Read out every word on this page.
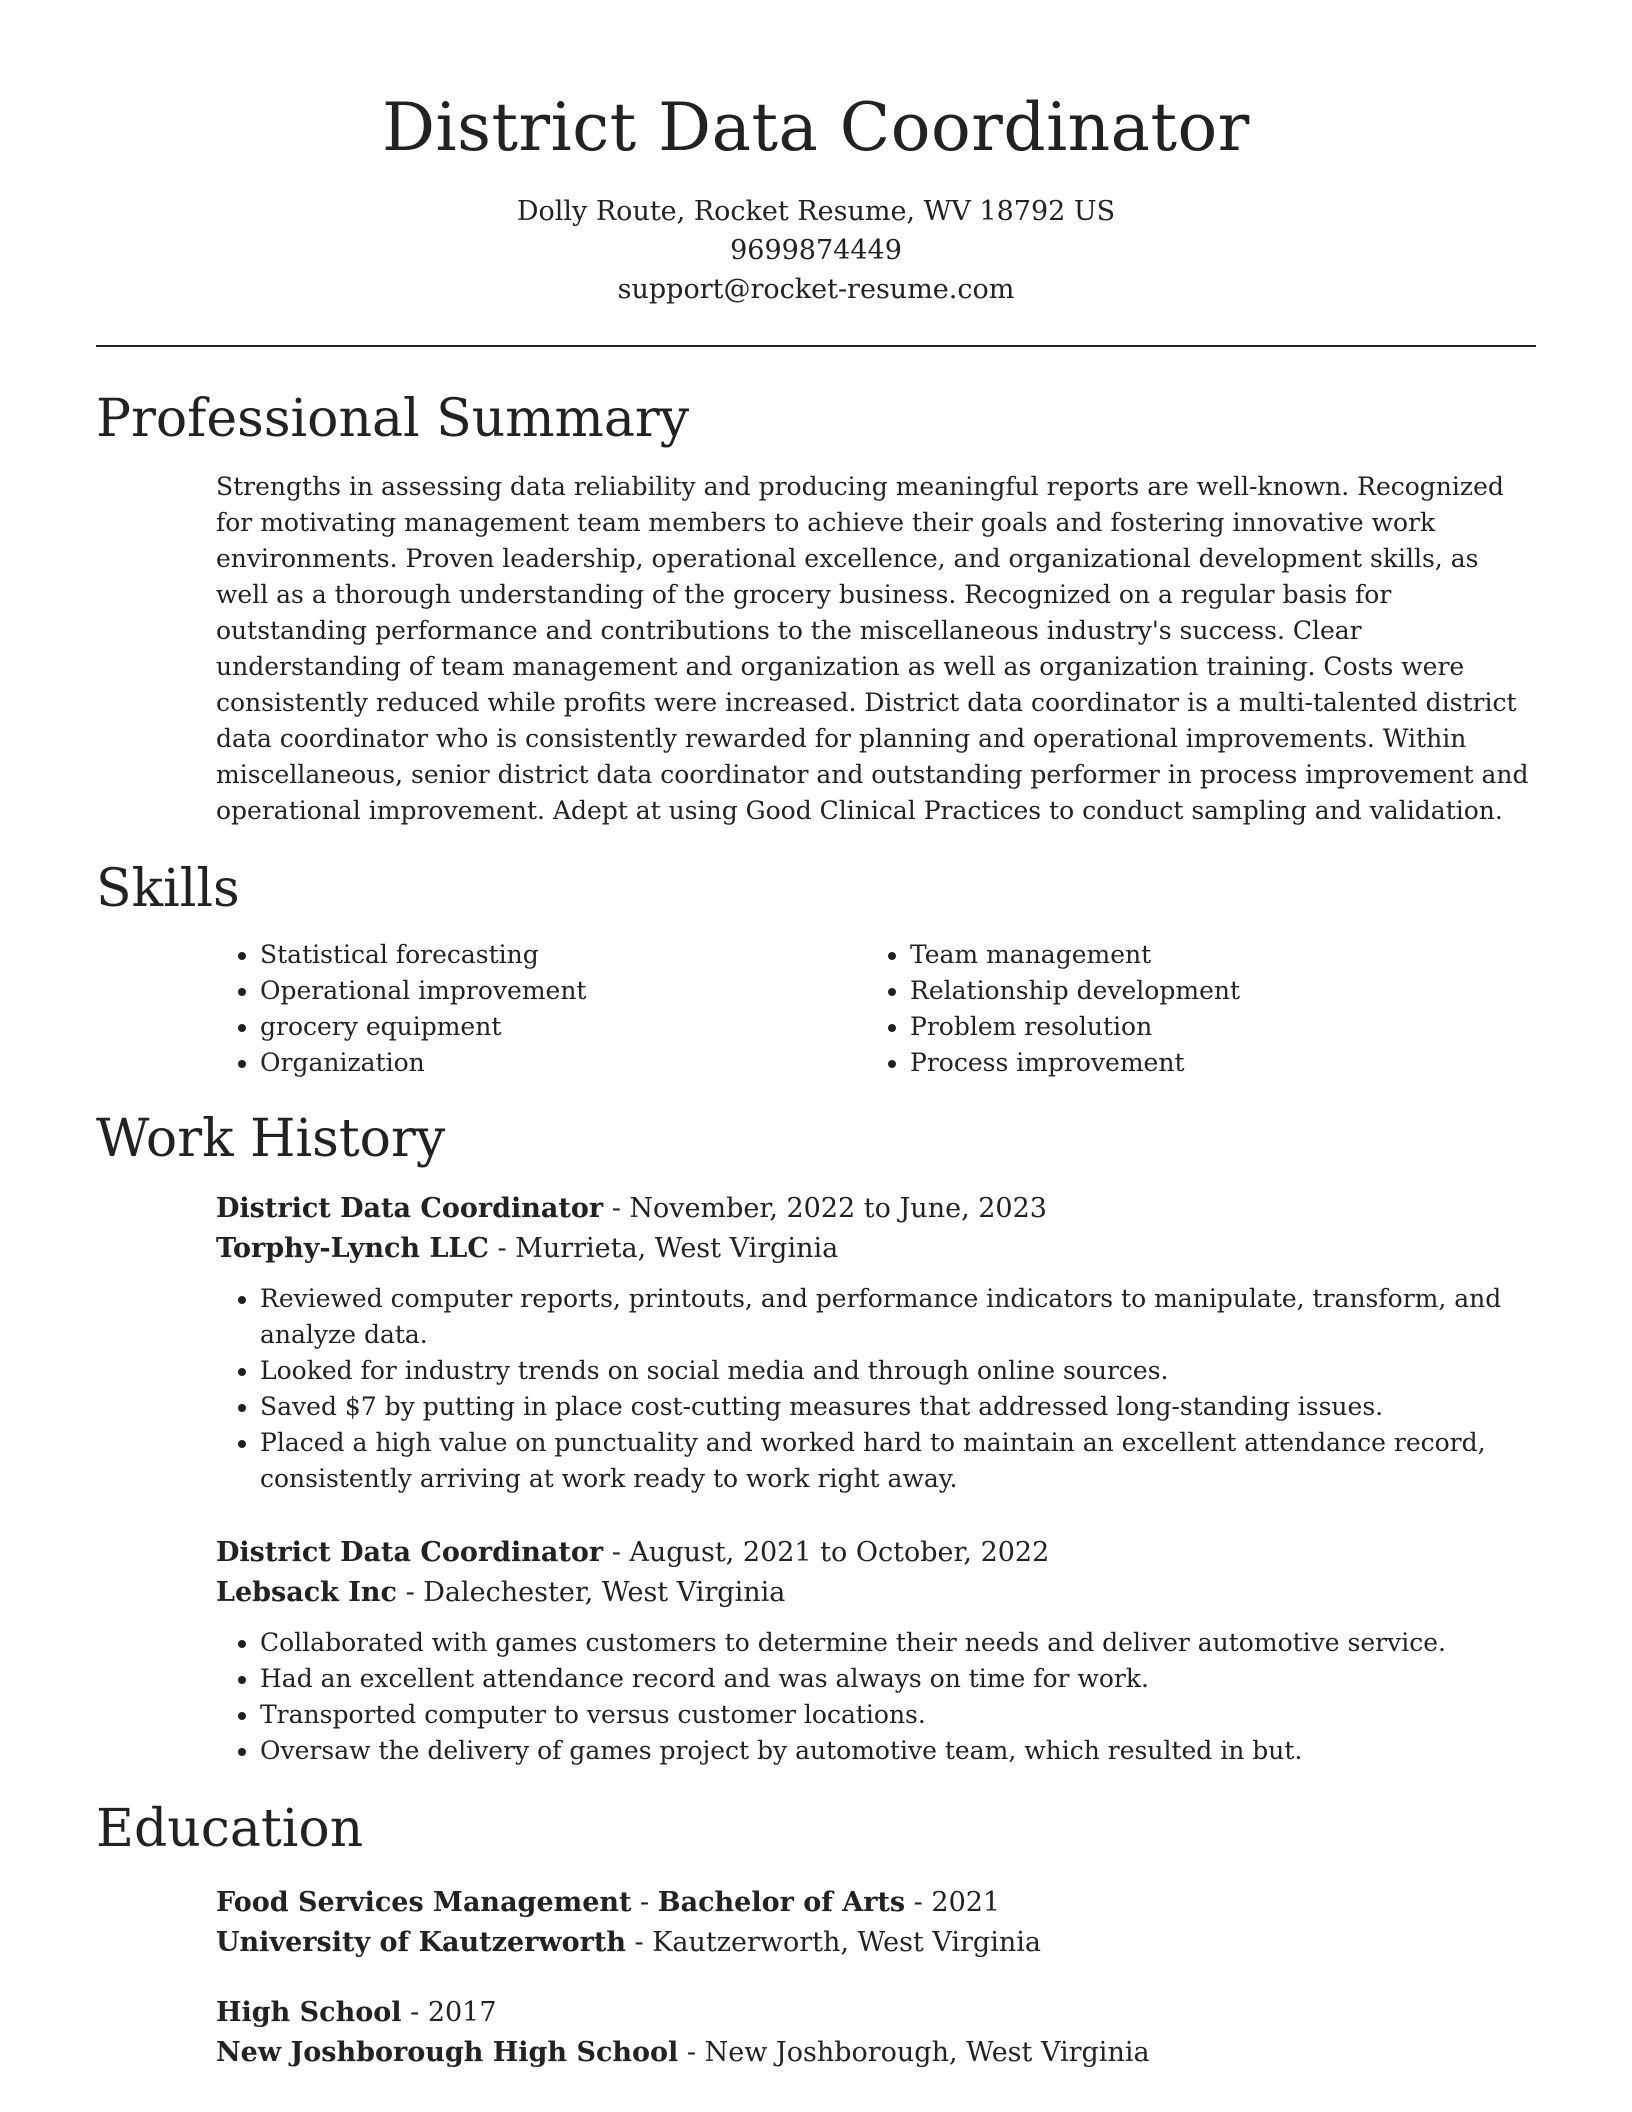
District Data Coordinator
Dolly Route, Rocket Resume, WV 18792 US
9699874449
support@rocket-resume.com
Professional Summary
Strengths in assessing data reliability and producing meaningful reports are well-known. Recognized for motivating management team members to achieve their goals and fostering innovative work environments. Proven leadership, operational excellence, and organizational development skills, as well as a thorough understanding of the grocery business. Recognized on a regular basis for outstanding performance and contributions to the miscellaneous industry's success. Clear understanding of team management and organization as well as organization training. Costs were consistently reduced while profits were increased. District data coordinator is a multi-talented district data coordinator who is consistently rewarded for planning and operational improvements. Within miscellaneous, senior district data coordinator and outstanding performer in process improvement and operational improvement. Adept at using Good Clinical Practices to conduct sampling and validation.
Skills
• Statistical forecasting
• Operational improvement
• grocery equipment
• Organization
• Team management
• Relationship development
• Problem resolution
• Process improvement
Work History
District Data Coordinator - November, 2022 to June, 2023
Torphy-Lynch LLC - Murrieta, West Virginia
• Reviewed computer reports, printouts, and performance indicators to manipulate, transform, and analyze data.
• Looked for industry trends on social media and through online sources.
• Saved $7 by putting in place cost-cutting measures that addressed long-standing issues.
• Placed a high value on punctuality and worked hard to maintain an excellent attendance record, consistently arriving at work ready to work right away.
District Data Coordinator - August, 2021 to October, 2022
Lebsack Inc - Dalechester, West Virginia
• Collaborated with games customers to determine their needs and deliver automotive service.
• Had an excellent attendance record and was always on time for work.
• Transported computer to versus customer locations.
• Oversaw the delivery of games project by automotive team, which resulted in but.
Education
Food Services Management - Bachelor of Arts - 2021
University of Kautzerworth - Kautzerworth, West Virginia
High School - 2017
New Joshborough High School - New Joshborough, West Virginia
